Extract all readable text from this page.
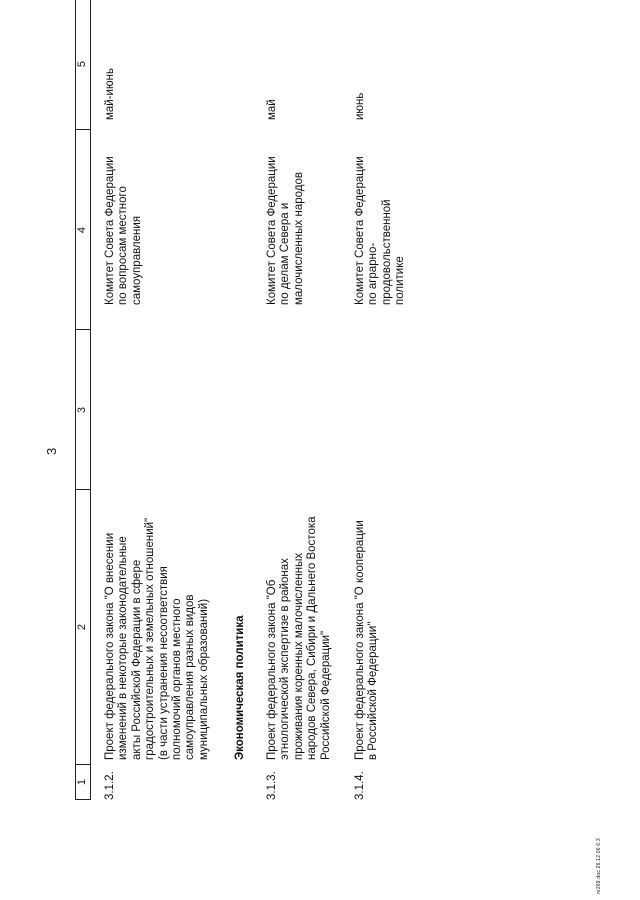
3
1
2
3
4
5
3.1.2.

Проект федерального закона "О внесении изменений в некоторые законодательные акты Российской Федерации в сфере градостроительных и земельных отношений" (в части устранения несоответствия полномочий органов местного самоуправления разных видов муниципальных образований)

Комитет Совета Федерации по вопросам местного самоуправления

май-июнь
Экономическая политика
3.1.3.

Проект федерального закона "Об этнологической экспертизе в районах проживания коренных малочисленных народов Севера, Сибири и Дальнего Востока Российской Федерации"

Комитет Совета Федерации по делам Севера и малочисленных народов

май
3.1.4.

Проект федерального закона "О кооперации в Российской Федерации"

Комитет Совета Федерации по аграрно- продовольственной политике

июнь
nr269.doc 26.12.06 6:3
